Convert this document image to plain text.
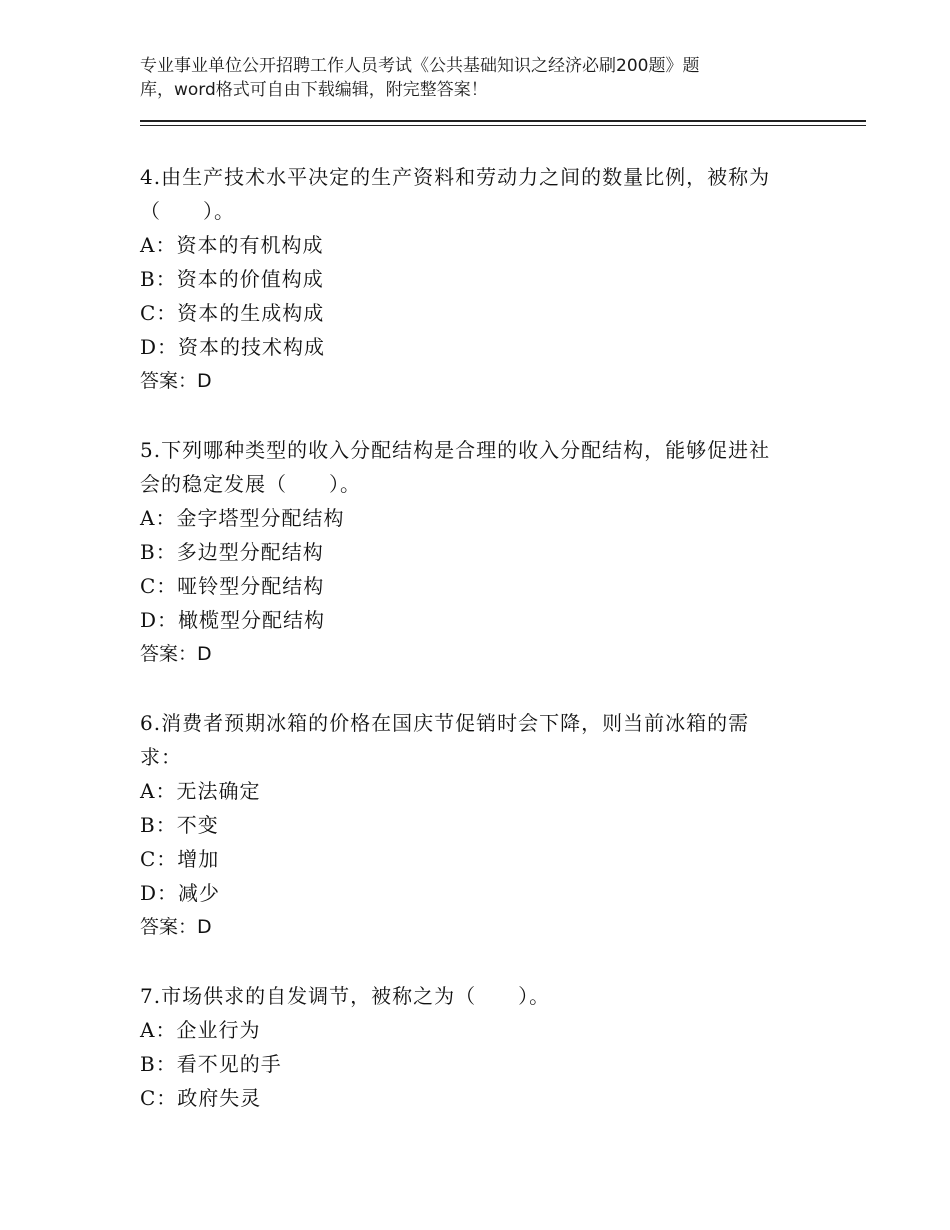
专业事业单位公开招聘工作人员考试《公共基础知识之经济必刷200题》题
库，word格式可自由下载编辑，附完整答案！
4.由生产技术水平决定的生产资料和劳动力之间的数量比例，被称为
（　　）。
A：资本的有机构成
B：资本的价值构成
C：资本的生成构成
D：资本的技术构成
答案：D
5.下列哪种类型的收入分配结构是合理的收入分配结构，能够促进社
会的稳定发展（　　）。
A：金字塔型分配结构
B：多边型分配结构
C：哑铃型分配结构
D：橄榄型分配结构
答案：D
6.消费者预期冰箱的价格在国庆节促销时会下降，则当前冰箱的需
求：
A：无法确定
B：不变
C：增加
D：减少
答案：D
7.市场供求的自发调节，被称之为（　　）。
A：企业行为
B：看不见的手
C：政府失灵
